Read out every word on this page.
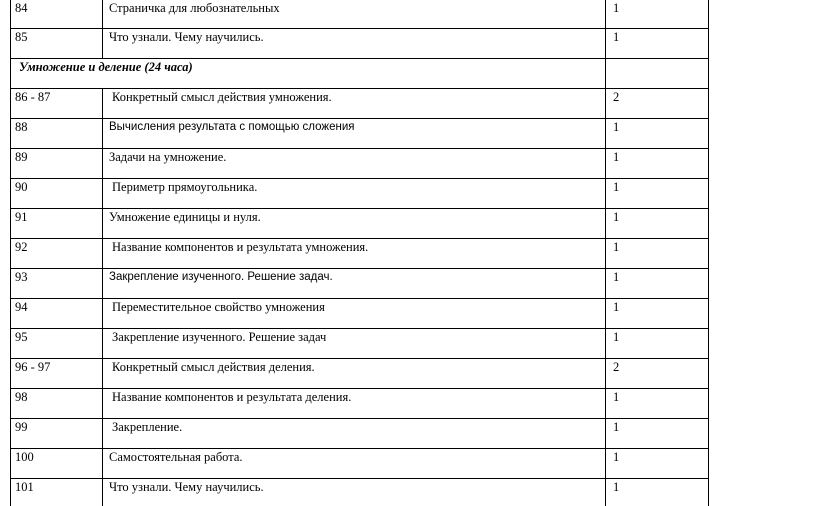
84	Страничка для любознательных	1
85	Что узнали. Чему научились.	1
Умножение и деление (24 часа)		
86 - 87	Конкретный смысл действия умножения.	2
88	Вычисления результата с помощью сложения	1
89	Задачи на умножение.	1
90	Периметр прямоугольника.	1
91	Умножение единицы и нуля.	1
92	Название компонентов и результата умножения.	1
93	Закрепление изученного. Решение задач.	1
94	Переместительное свойство умножения	1
95	Закрепление изученного. Решение задач	1
96 - 97	Конкретный смысл действия деления.	2
98	Название компонентов и результата деления.	1
99	Закрепление.	1
100	Самостоятельная работа.	1
101	Что узнали. Чему научились.	1
